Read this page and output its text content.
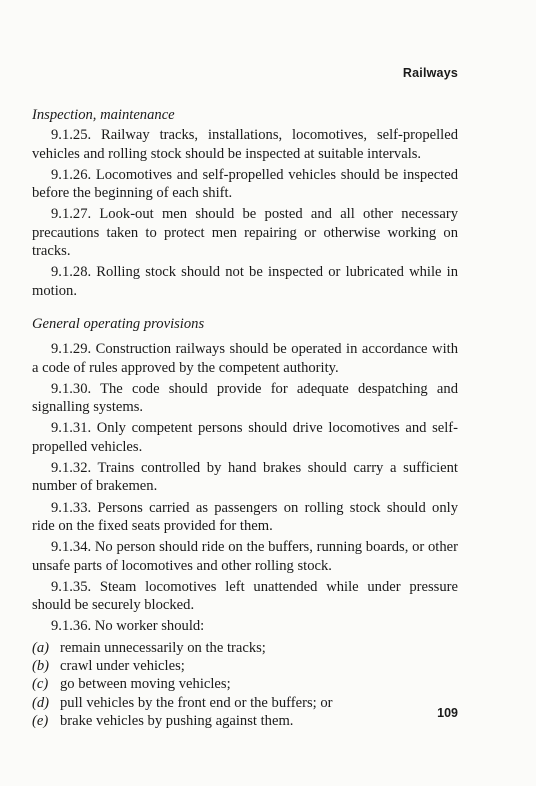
Railways
Inspection, maintenance

9.1.25. Railway tracks, installations, locomotives, self-propelled vehicles and rolling stock should be inspected at suitable intervals.

9.1.26. Locomotives and self-propelled vehicles should be inspected before the beginning of each shift.

9.1.27. Look-out men should be posted and all other necessary precautions taken to protect men repairing or otherwise working on tracks.

9.1.28. Rolling stock should not be inspected or lubricated while in motion.

General operating provisions

9.1.29. Construction railways should be operated in accordance with a code of rules approved by the competent authority.

9.1.30. The code should provide for adequate despatching and signalling systems.

9.1.31. Only competent persons should drive locomotives and self-propelled vehicles.

9.1.32. Trains controlled by hand brakes should carry a sufficient number of brakemen.

9.1.33. Persons carried as passengers on rolling stock should only ride on the fixed seats provided for them.

9.1.34. No person should ride on the buffers, running boards, or other unsafe parts of locomotives and other rolling stock.

9.1.35. Steam locomotives left unattended while under pressure should be securely blocked.

9.1.36. No worker should:

(a) remain unnecessarily on the tracks;
(b) crawl under vehicles;
(c) go between moving vehicles;
(d) pull vehicles by the front end or the buffers; or
(e) brake vehicles by pushing against them.	109
